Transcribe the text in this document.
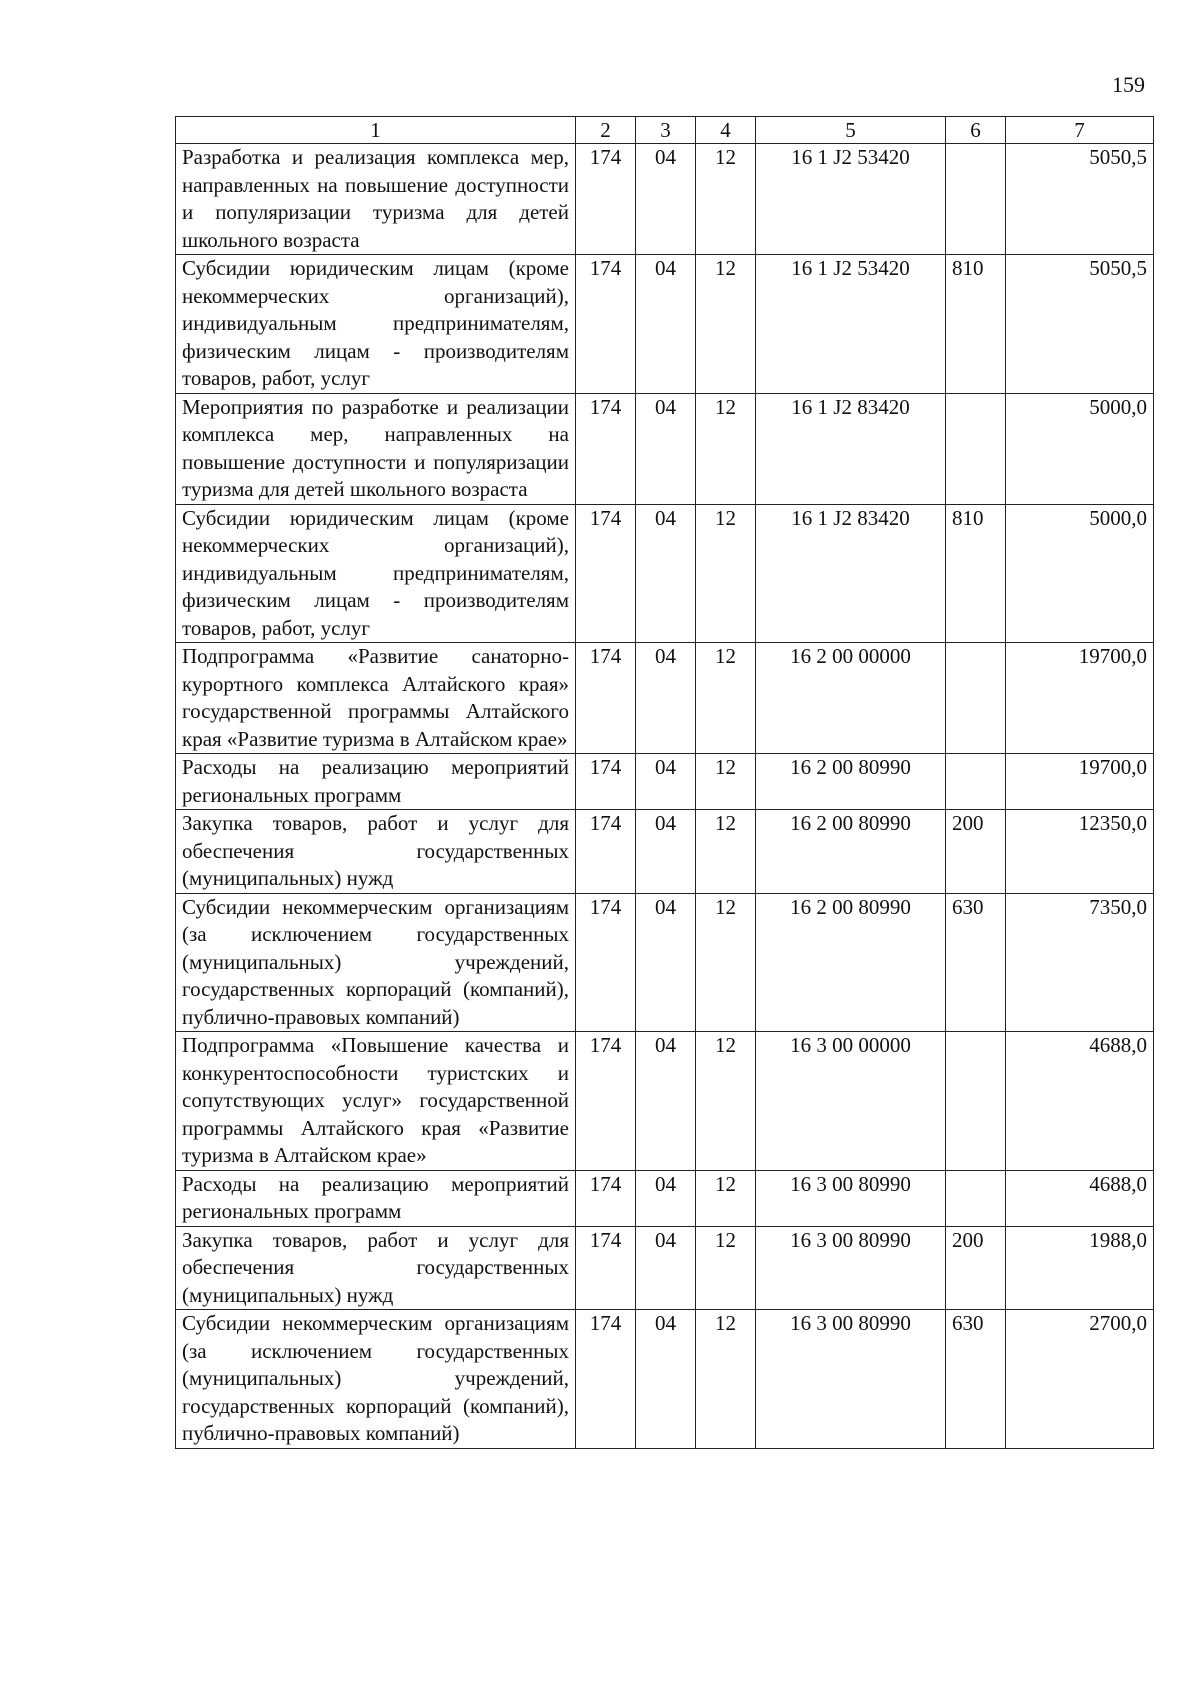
159
1	2	3	4	5	6	7
Разработка и реализация комплекса мер, направленных на повышение доступности и популяризации туризма для детей школьного возраста	174	04	12	16 1 J2 53420		5050,5
Субсидии юридическим лицам (кроме некоммерческих организаций), индивидуальным предпринимателям, физическим лицам - производителям товаров, работ, услуг	174	04	12	16 1 J2 53420	810	5050,5
Мероприятия по разработке и реализации комплекса мер, направленных на повышение доступности и популяризации туризма для детей школьного возраста	174	04	12	16 1 J2 83420		5000,0
Субсидии юридическим лицам (кроме некоммерческих организаций), индивидуальным предпринимателям, физическим лицам - производителям товаров, работ, услуг	174	04	12	16 1 J2 83420	810	5000,0
Подпрограмма «Развитие санаторно-курортного комплекса Алтайского края» государственной программы Алтайского края «Развитие туризма в Алтайском крае»	174	04	12	16 2 00 00000		19700,0
Расходы на реализацию мероприятий региональных программ	174	04	12	16 2 00 80990		19700,0
Закупка товаров, работ и услуг для обеспечения государственных (муниципальных) нужд	174	04	12	16 2 00 80990	200	12350,0
Субсидии некоммерческим организациям (за исключением государственных (муниципальных) учреждений, государственных корпораций (компаний), публично-правовых компаний)	174	04	12	16 2 00 80990	630	7350,0
Подпрограмма «Повышение качества и конкурентоспособности туристских и сопутствующих услуг» государственной программы Алтайского края «Развитие туризма в Алтайском крае»	174	04	12	16 3 00 00000		4688,0
Расходы на реализацию мероприятий региональных программ	174	04	12	16 3 00 80990		4688,0
Закупка товаров, работ и услуг для обеспечения государственных (муниципальных) нужд	174	04	12	16 3 00 80990	200	1988,0
Субсидии некоммерческим организациям (за исключением государственных (муниципальных) учреждений, государственных корпораций (компаний), публично-правовых компаний)	174	04	12	16 3 00 80990	630	2700,0
